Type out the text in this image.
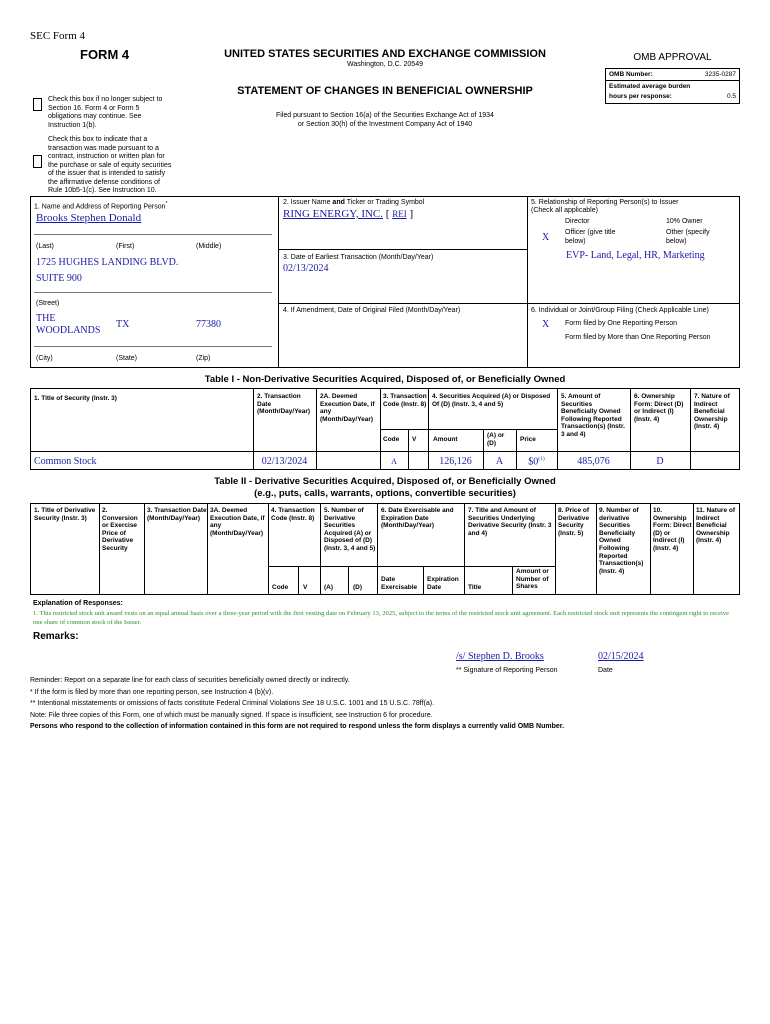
SEC Form 4
FORM 4	UNITED STATES SECURITIES AND EXCHANGE COMMISSION
Washington, D.C. 20549
STATEMENT OF CHANGES IN BENEFICIAL OWNERSHIP
Filed pursuant to Section 16(a) of the Securities Exchange Act of 1934
or Section 30(h) of the Investment Company Act of 1940
Check this box if no longer subject to Section 16. Form 4 or Form 5 obligations may continue. See Instruction 1(b).
Check this box to indicate that a transaction was made pursuant to a contract, instruction or written plan for the purchase or sale of equity securities of the issuer that is intended to satisfy the affirmative defense conditions of Rule 10b5-1(c). See Instruction 10.
OMB APPROVAL
OMB Number:	3235-0287
Estimated average burden
hours per response:	0.5
1. Name and Address of Reporting Person*
Brooks Stephen Donald
(Last)	(First)	(Middle)
1725 HUGHES LANDING BLVD.
SUITE 900
(Street)
THE
WOODLANDS
TX	77380
(City)	(State)	(Zip)
2. Issuer Name and Ticker or Trading Symbol
RING ENERGY, INC. [ REI ]
3. Date of Earliest Transaction (Month/Day/Year)
02/13/2024
4. If Amendment, Date of Original Filed (Month/Day/Year)
5. Relationship of Reporting Person(s) to Issuer
(Check all applicable)
Director	10% Owner
X Officer (give title below)
Other (specify below)
EVP- Land, Legal, HR, Marketing
6. Individual or Joint/Group Filing (Check Applicable Line)
X Form filed by One Reporting Person
Form filed by More than One Reporting Person
Table I - Non-Derivative Securities Acquired, Disposed of, or Beneficially Owned
1. Title of Security (Instr. 3)	2. Transaction Date (Month/Day/Year)
2A. Deemed Execution Date, if any (Month/Day/Year)
3. Transaction Code (Instr. 8)
4. Securities Acquired (A) or Disposed Of (D) (Instr. 3, 4 and 5)
5. Amount of Securities Beneficially Owned Following Reported Transaction(s) (Instr. 3 and 4)
6. Ownership Form: Direct (D) or Indirect (I) (Instr. 4)
7. Nature of Indirect Beneficial Ownership (Instr. 4)
Code V	Amount
(A) or (D)
Price
Common Stock	02/13/2024	A	126,126	A	$0$^{(1)}$	485,076	D
Table II - Derivative Securities Acquired, Disposed of, or Beneficially Owned
(e.g., puts, calls, warrants, options, convertible securities)
1. Title of Derivative Security (Instr. 3)
2. Conversion or Exercise Price of Derivative Security
3. Transaction Date (Month/Day/Year)
3A. Deemed Execution Date, if any (Month/Day/Year)
4. Transaction Code (Instr. 8)
5. Number of Derivative Securities Acquired (A) or Disposed of (D) (Instr. 3, 4 and 5)
6. Date Exercisable and Expiration Date (Month/Day/Year)
7. Title and Amount of Securities Underlying Derivative Security (Instr. 3 and 4)
8. Price of Derivative Security (Instr. 5)
9. Number of derivative Securities Beneficially Owned Following Reported Transaction(s) (Instr. 4)
10. Ownership Form: Direct (D) or Indirect (I) (Instr. 4)
11. Nature of Indirect Beneficial Ownership (Instr. 4)
Code V	(A)	(D)
Date Exercisable
Expiration Date	Title
Amount or Number of Shares
Explanation of Responses:
1. This restricted stock unit award vests on an equal annual basis over a three-year period with the first vesting date on February 13, 2025, subject to the terms of the restricted stock unit agreement. Each restricted stock unit represents the contingent right to receive one share of common stock of the Issuer.
Remarks:
/s/ Stephen D. Brooks	02/15/2024
** Signature of Reporting Person	Date
Reminder: Report on a separate line for each class of securities beneficially owned directly or indirectly.
* If the form is filed by more than one reporting person, see Instruction 4 (b)(v).
** Intentional misstatements or omissions of facts constitute Federal Criminal Violations See 18 U.S.C. 1001 and 15 U.S.C. 78ff(a).
Note: File three copies of this Form, one of which must be manually signed. If space is insufficient, see Instruction 6 for procedure.
Persons who respond to the collection of information contained in this form are not required to respond unless the form displays a currently valid OMB Number.
